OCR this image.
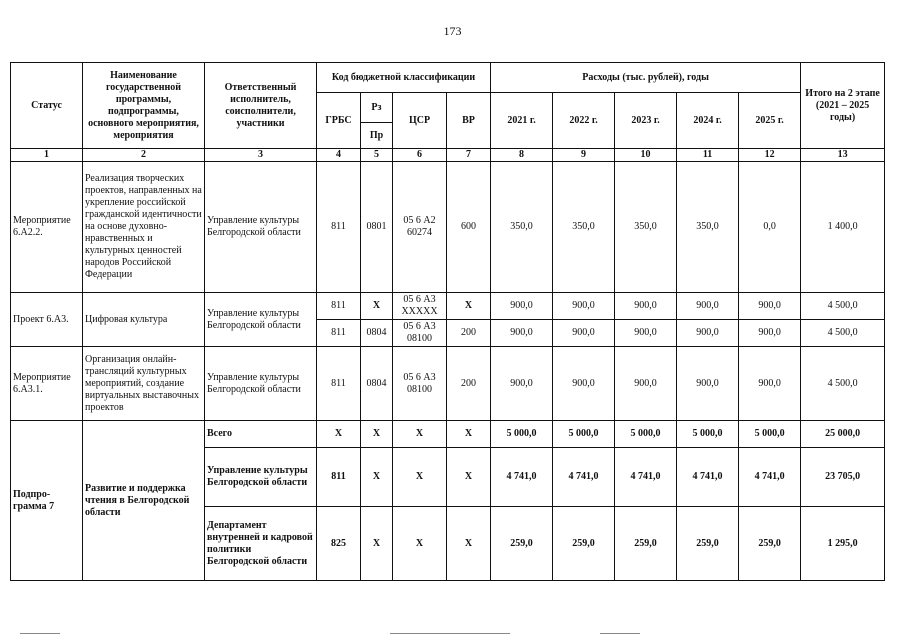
173
Статус	Наименование государственной программы, подпрограммы, основного мероприятия, мероприятия	Ответственный исполнитель, соисполнители, участники	Код бюджетной классификации				Расходы (тыс. рублей), годы					Итого на 2 этапе (2021 – 2025 годы)
			ГРБС	Рз	ЦСР	ВР	2021 г.	2022 г.	2023 г.	2024 г.	2025 г.	
				Пр								
1	2	3	4	5	6	7	8	9	10	11	12	13
Мероприятие 6.А2.2.	Реализация творческих проектов, направленных на укрепление российской гражданской идентичности на основе духовно-нравственных и культурных ценностей народов Российской Федерации	Управление культуры Белгородской области	811	0801	05 6 А2 60274	600	350,0	350,0	350,0	350,0	0,0	1 400,0
Проект 6.А3.	Цифровая культура	Управление культуры Белгородской области	811	Х	05 6 А3 ХХХХХ	Х	900,0	900,0	900,0	900,0	900,0	4 500,0
			811	0804	05 6 А3 08100	200	900,0	900,0	900,0	900,0	900,0	4 500,0
Мероприятие 6.А3.1.	Организация онлайн-трансляций культурных мероприятий, создание виртуальных выставочных проектов	Управление культуры Белгородской области	811	0804	05 6 А3 08100	200	900,0	900,0	900,0	900,0	900,0	4 500,0
Подпро-грамма 7	Развитие и поддержка чтения в Белгородской области	Всего	Х	Х	Х	Х	5 000,0	5 000,0	5 000,0	5 000,0	5 000,0	25 000,0
		Управление культуры Белгородской области	811	Х	Х	Х	4 741,0	4 741,0	4 741,0	4 741,0	4 741,0	23 705,0
		Департамент внутренней и кадровой политики Белгородской области	825	Х	Х	Х	259,0	259,0	259,0	259,0	259,0	1 295,0
